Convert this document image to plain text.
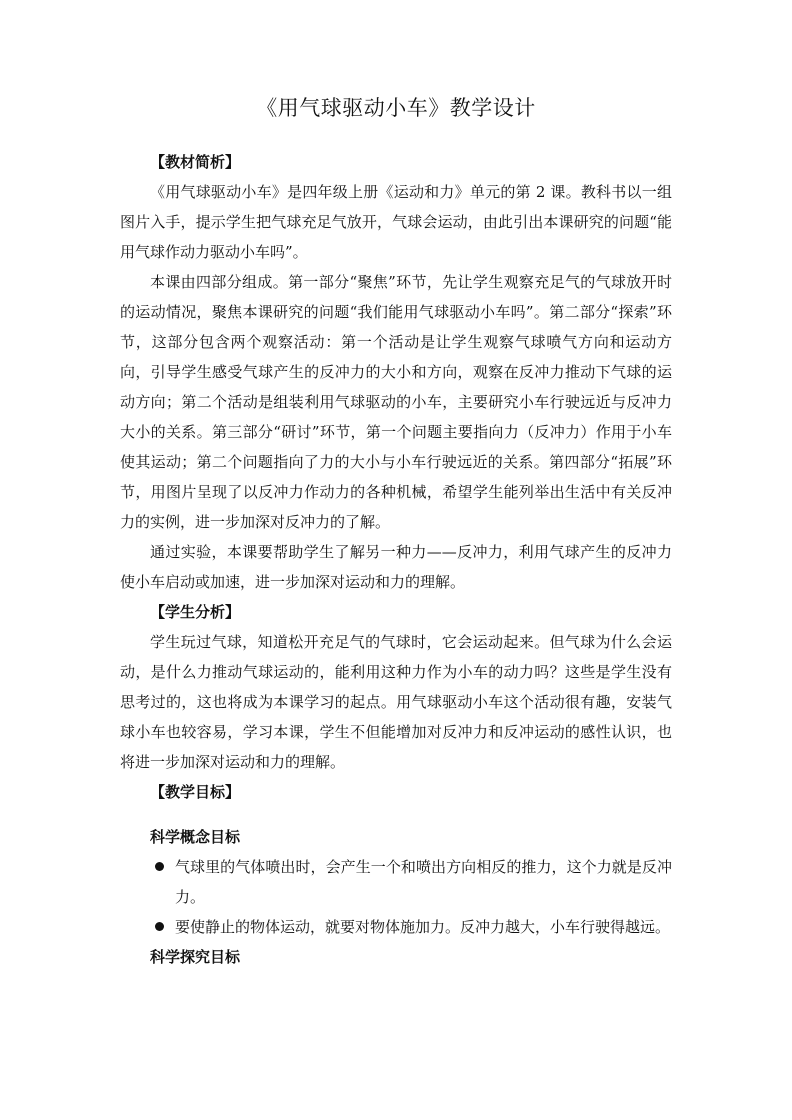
《用气球驱动小车》教学设计
【教材简析】

《用气球驱动小车》是四年级上册《运动和力》单元的第 2 课。教科书以一组图片入手，提示学生把气球充足气放开，气球会运动，由此引出本课研究的问题“能用气球作动力驱动小车吗”。

本课由四部分组成。第一部分“聚焦”环节，先让学生观察充足气的气球放开时的运动情况，聚焦本课研究的问题“我们能用气球驱动小车吗”。第二部分“探索”环节，这部分包含两个观察活动：第一个活动是让学生观察气球喷气方向和运动方向，引导学生感受气球产生的反冲力的大小和方向，观察在反冲力推动下气球的运动方向；第二个活动是组装利用气球驱动的小车，主要研究小车行驶远近与反冲力大小的关系。第三部分“研讨”环节，第一个问题主要指向力（反冲力）作用于小车使其运动；第二个问题指向了力的大小与小车行驶远近的关系。第四部分“拓展”环节，用图片呈现了以反冲力作动力的各种机械，希望学生能列举出生活中有关反冲力的实例，进一步加深对反冲力的了解。

通过实验，本课要帮助学生了解另一种力——反冲力，利用气球产生的反冲力使小车启动或加速，进一步加深对运动和力的理解。

【学生分析】

学生玩过气球，知道松开充足气的气球时，它会运动起来。但气球为什么会运动，是什么力推动气球运动的，能利用这种力作为小车的动力吗？这些是学生没有思考过的，这也将成为本课学习的起点。用气球驱动小车这个活动很有趣，安装气球小车也较容易，学习本课，学生不但能增加对反冲力和反冲运动的感性认识，也将进一步加深对运动和力的理解。

【教学目标】
科学概念目标
气球里的气体喷出时，会产生一个和喷出方向相反的推力，这个力就是反冲力。
要使静止的物体运动，就要对物体施加力。反冲力越大，小车行驶得越远。
科学探究目标
